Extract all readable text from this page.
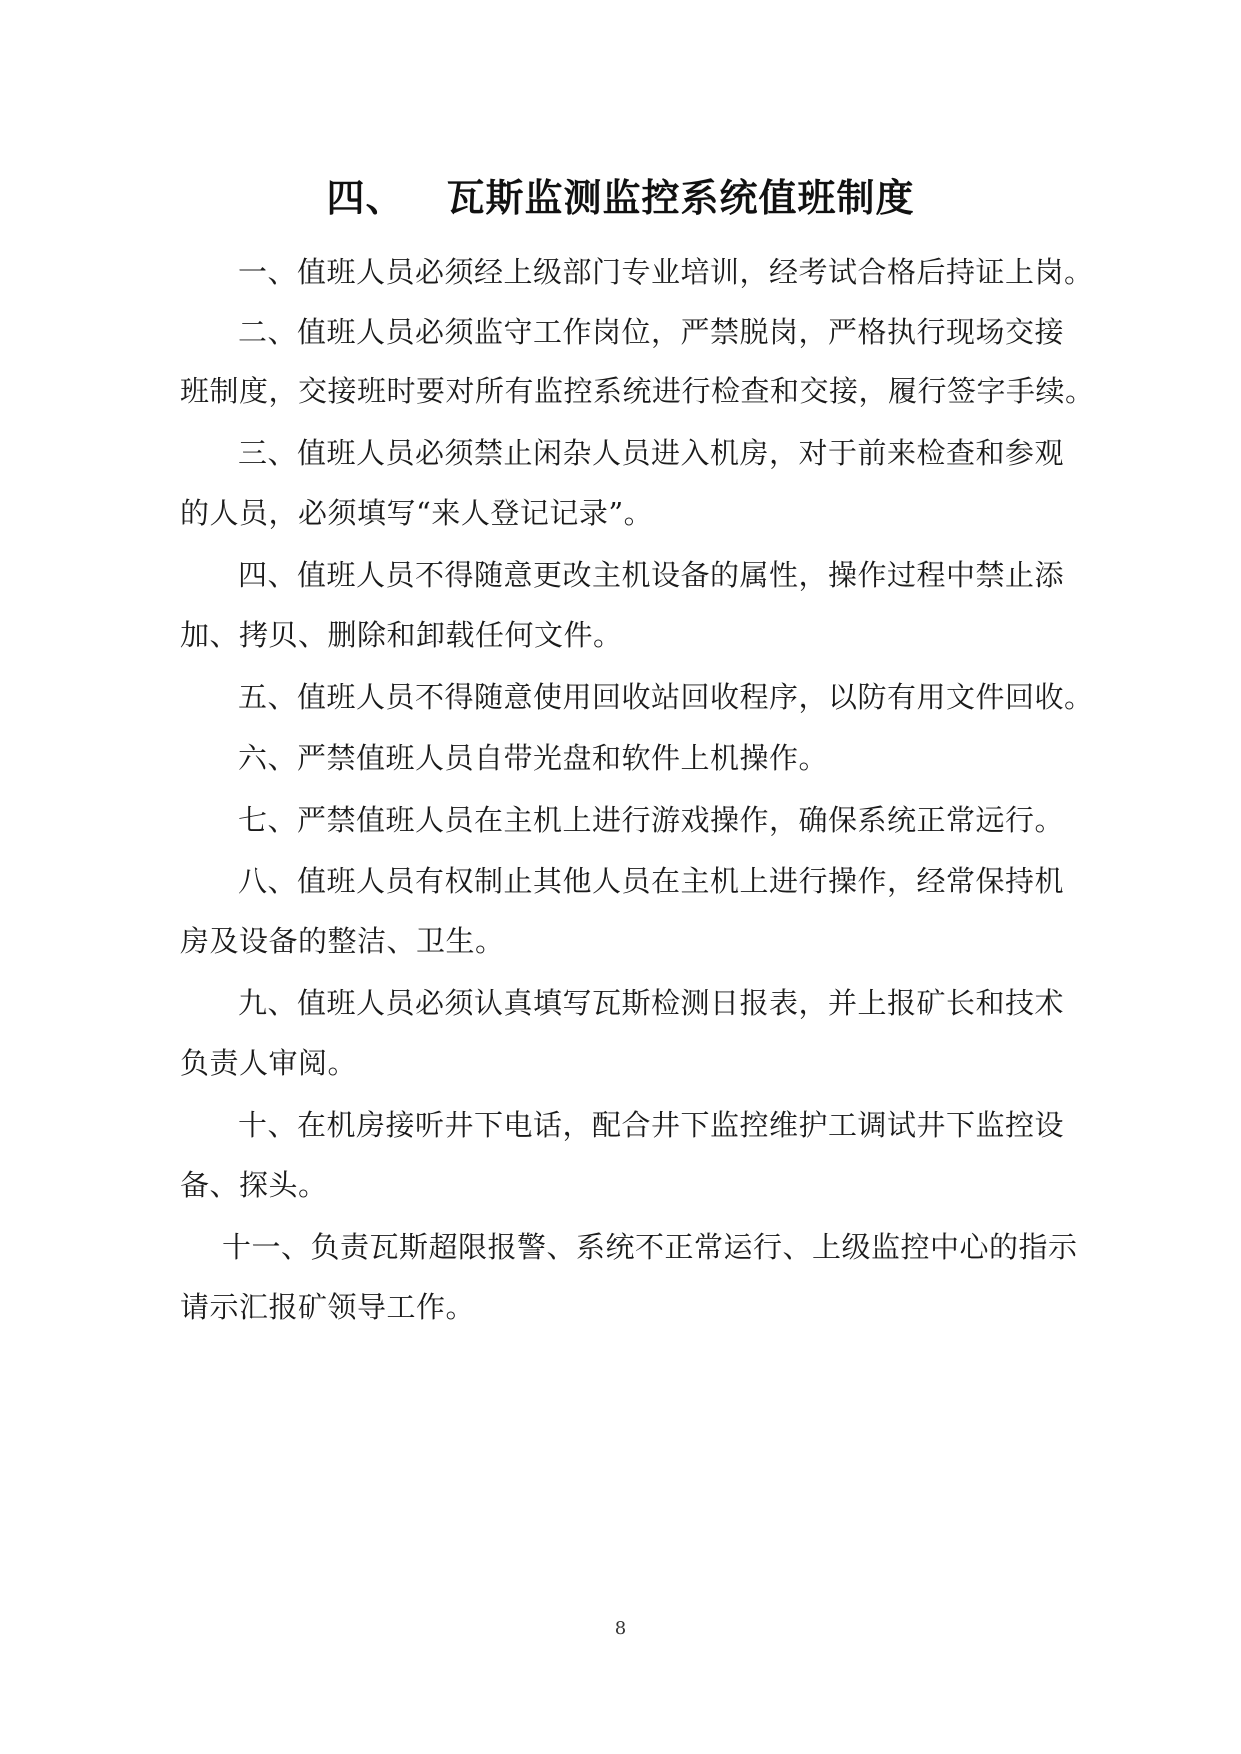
四、 瓦斯监测监控系统值班制度
一、值班人员必须经上级部门专业培训，经考试合格后持证上岗。
二、值班人员必须监守工作岗位，严禁脱岗，严格执行现场交接
班制度，交接班时要对所有监控系统进行检查和交接，履行签字手续。
三、值班人员必须禁止闲杂人员进入机房，对于前来检查和参观
的人员，必须填写“来人登记记录”。
四、值班人员不得随意更改主机设备的属性，操作过程中禁止添
加、拷贝、删除和卸载任何文件。
五、值班人员不得随意使用回收站回收程序，以防有用文件回收。
六、严禁值班人员自带光盘和软件上机操作。
七、严禁值班人员在主机上进行游戏操作，确保系统正常远行。
八、值班人员有权制止其他人员在主机上进行操作，经常保持机
房及设备的整洁、卫生。
九、值班人员必须认真填写瓦斯检测日报表，并上报矿长和技术
负责人审阅。
十、在机房接听井下电话，配合井下监控维护工调试井下监控设
备、探头。
十一、负责瓦斯超限报警、系统不正常运行、上级监控中心的指示
请示汇报矿领导工作。
8
